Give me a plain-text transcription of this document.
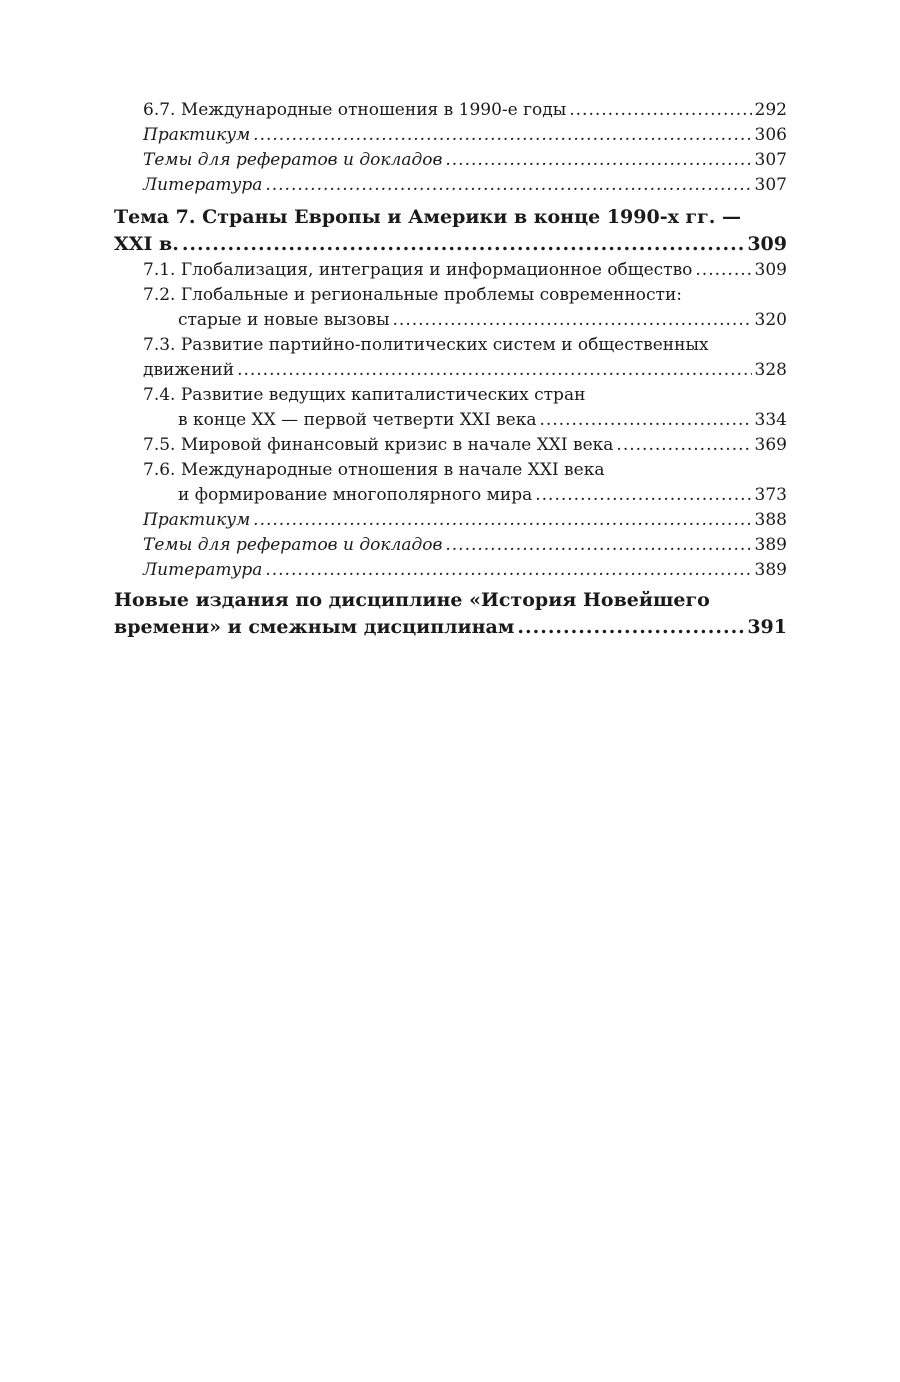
6.7. Международные отношения в 1990-е годы .....	292
Практикум .....	306
Темы для рефератов и докладов .....	307
Литература .....	307
Тема 7. Страны Европы и Америки в конце 1990-х гг. —
XXI в. .....	309
7.1. Глобализация, интеграция и информационное общество .....	309
7.2. Глобальные и региональные проблемы современности:
старые и новые вызовы .....	320
7.3. Развитие партийно-политических систем и общественных
движений .....	328
7.4. Развитие ведущих капиталистических стран
в конце XX — первой четверти XXI века .....	334
7.5. Мировой финансовый кризис в начале XXI века .....	369
7.6. Международные отношения в начале XXI века
и формирование многополярного мира .....	373
Практикум .....	388
Темы для рефератов и докладов .....	389
Литература .....	389
Новые издания по дисциплине «История Новейшего
времени» и смежным дисциплинам .....	391
